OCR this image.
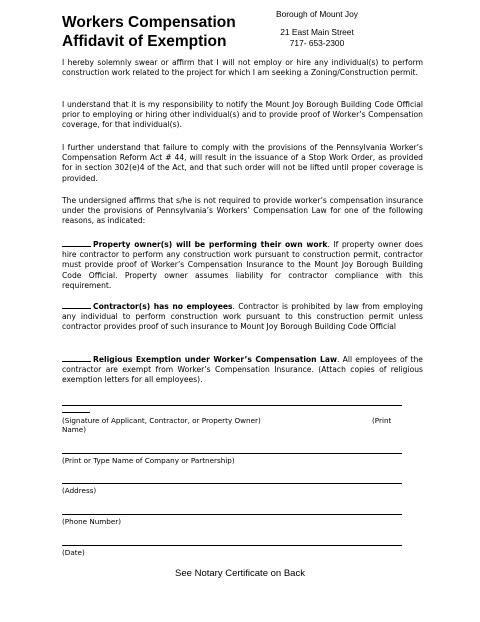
Workers Compensation
Affidavit of Exemption
Borough of Mount Joy
21 East Main Street
717- 653-2300

I hereby solemnly swear or affirm that I will not employ or hire any individual(s) to perform construction work related to the project for which I am seeking a Zoning/Construction permit.

I understand that it is my responsibility to notify the Mount Joy Borough Building Code Official prior to employing or hiring other individual(s) and to provide proof of Worker’s Compensation coverage, for that individual(s).

I further understand that failure to comply with the provisions of the Pennsylvania Worker’s Compensation Reform Act # 44, will result in the issuance of a Stop Work Order, as provided for in section 302(e)4 of the Act, and that such order will not be lifted until proper coverage is provided.

The undersigned affirms that s/he is not required to provide worker’s compensation insurance under the provisions of Pennsylvania’s Workers’ Compensation Law for one of the following reasons, as indicated:

Property owner(s) will be performing their own work. If property owner does hire contractor to perform any construction work pursuant to construction permit, contractor must provide proof of Worker’s Compensation Insurance to the Mount Joy Borough Building Code Official. Property owner assumes liability for contractor compliance with this requirement.

Contractor(s) has no employees. Contractor is prohibited by law from employing any individual to perform construction work pursuant to this construction permit unless contractor provides proof of such insurance to Mount Joy Borough Building Code Official

Religious Exemption under Worker’s Compensation Law. All employees of the contractor are exempt from Worker’s Compensation Insurance. (Attach copies of religious exemption letters for all employees).

(Signature of Applicant, Contractor, or Property Owner)	(Print
Name)
(Print or Type Name of Company or Partnership)
(Address)
(Phone Number)
(Date)
See Notary Certificate on Back
